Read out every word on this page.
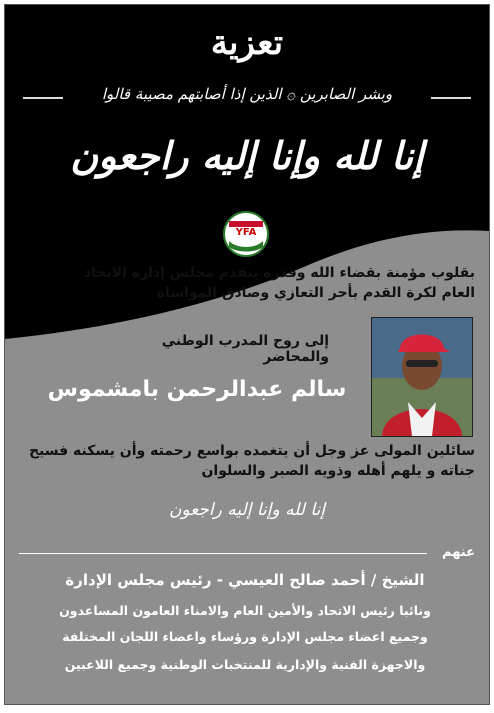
تعزية
وبشر الصابرين ۞ الذين إذا أصابتهم مصيبة قالوا
إنا لله وإنا إليه راجعون
YFA
بقلوب مؤمنة بقضاء الله وقدره يتقدم مجلس إدارة الاتحاد العام لكرة القدم بأحر التعازي وصادق المواساة
إلى روح المدرب الوطني والمحاضر
سالم عبدالرحمن بامشموس
سائلين المولى عز وجل أن يتغمده بواسع رحمته وأن يسكنه فسيح جناته و يلهم أهله وذويه الصبر والسلوان
إنا لله وإنا إليه راجعون
عنهم
الشيخ / أحمد صالح العيسي - رئيس مجلس الإدارة
ونائبا رئيس الاتحاد والأمين العام والامناء العامون المساعدون
وجميع اعضاء مجلس الإدارة ورؤساء واعضاء اللجان المختلفة
والاجهزة الفنية والإدارية للمنتخبات الوطنية وجميع اللاعبين
